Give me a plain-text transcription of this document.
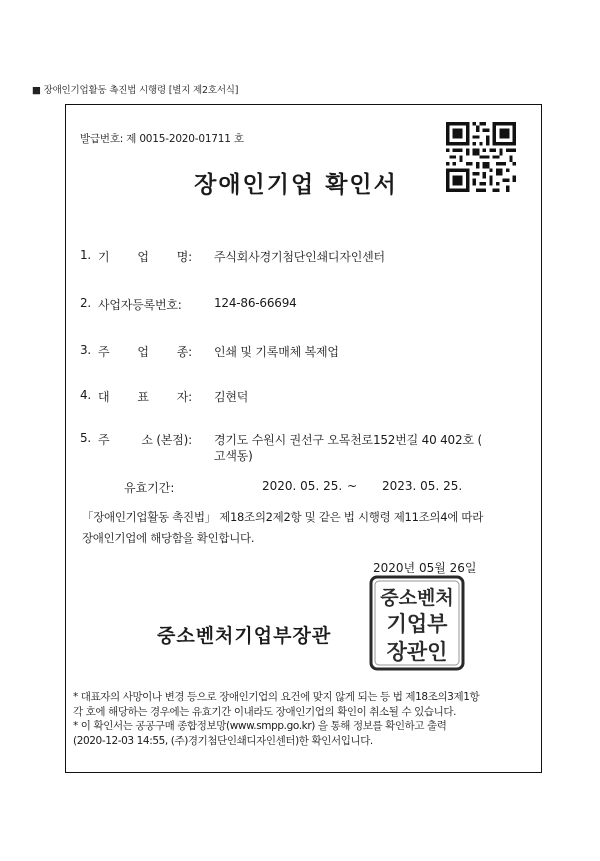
■ 장애인기업활동 촉진법 시행령 [별지 제2호서식]
발급번호: 제 0015-2020-01711 호
장애인기업 확인서
1. 기 업 명: 주식회사경기첨단인쇄디자인센터
2. 사업자등록번호:	124-86-66694
3. 주 업 종: 인쇄 및 기록매체 복제업
4. 대 표 자: 김현덕
5. 주	소 (본점): 경기도 수원시 권선구 오목천로152번길 40 402호 (
고색동)
유효기간:	2020. 05. 25. ~ 2023. 05. 25.
「장애인기업활동 촉진법」 제18조의2제2항 및 같은 법 시행령 제11조의4에 따라
장애인기업에 해당함을 확인합니다.
2020년 05월 26일
중소벤처
기업부
장관인
중소벤처기업부장관
* 대표자의 사망이나 변경 등으로 장애인기업의 요건에 맞지 않게 되는 등 법 제18조의3제1항
각 호에 해당하는 경우에는 유효기간 이내라도 장애인기업의 확인이 취소될 수 있습니다.
* 이 확인서는 공공구매 종합정보망(www.smpp.go.kr) 을 통해 정보를 확인하고 출력
(2020-12-03 14:55, (주)경기첨단인쇄디자인센터)한 확인서입니다.
